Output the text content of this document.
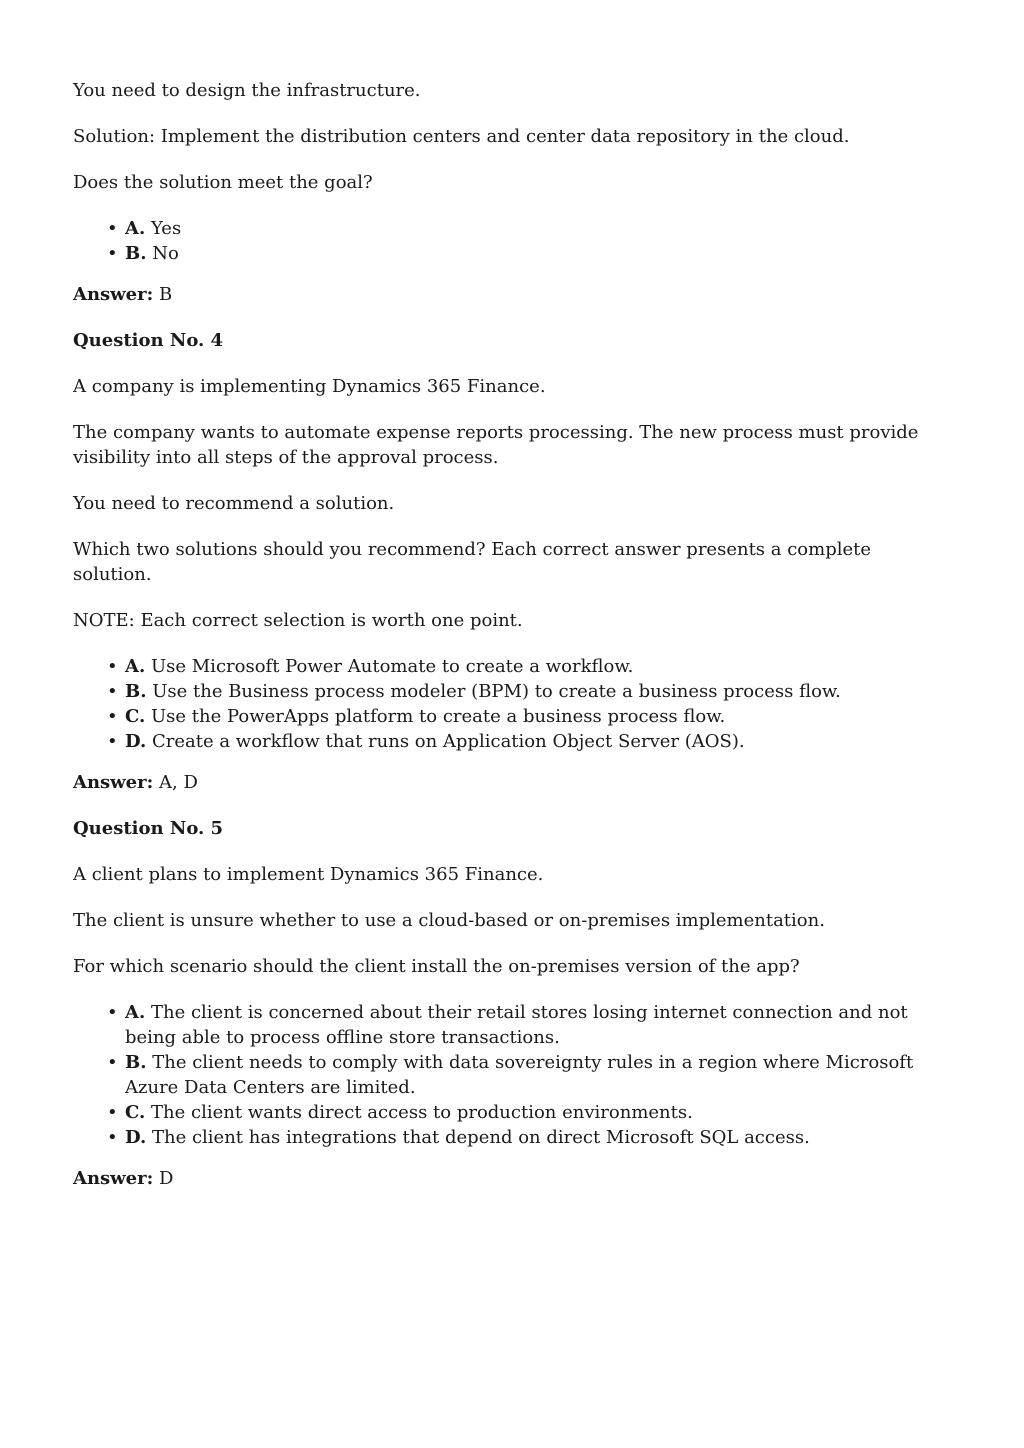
You need to design the infrastructure.

Solution: Implement the distribution centers and center data repository in the cloud.

Does the solution meet the goal?

• A. Yes
• B. No

Answer: B

Question No. 4

A company is implementing Dynamics 365 Finance.

The company wants to automate expense reports processing. The new process must provide visibility into all steps of the approval process.

You need to recommend a solution.

Which two solutions should you recommend? Each correct answer presents a complete solution.

NOTE: Each correct selection is worth one point.

• A. Use Microsoft Power Automate to create a workflow.
• B. Use the Business process modeler (BPM) to create a business process flow.
• C. Use the PowerApps platform to create a business process flow.
• D. Create a workflow that runs on Application Object Server (AOS).

Answer: A, D

Question No. 5

A client plans to implement Dynamics 365 Finance.

The client is unsure whether to use a cloud-based or on-premises implementation.

For which scenario should the client install the on-premises version of the app?

• A. The client is concerned about their retail stores losing internet connection and not being able to process offline store transactions.
• B. The client needs to comply with data sovereignty rules in a region where Microsoft Azure Data Centers are limited.
• C. The client wants direct access to production environments.
• D. The client has integrations that depend on direct Microsoft SQL access.

Answer: D
